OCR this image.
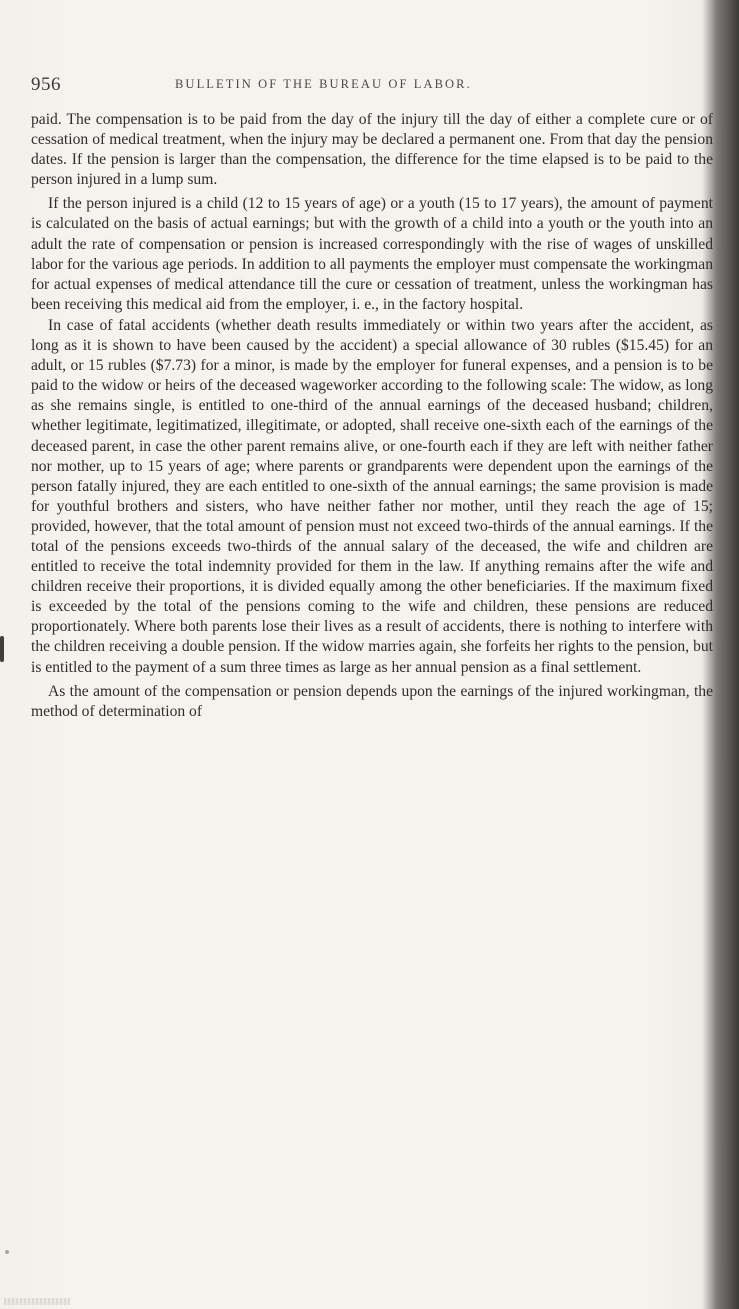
956	BULLETIN OF THE BUREAU OF LABOR.

paid. The compensation is to be paid from the day of the injury till the day of either a complete cure or of cessation of medical treatment, when the injury may be declared a permanent one. From that day the pension dates. If the pension is larger than the compensation, the difference for the time elapsed is to be paid to the person injured in a lump sum.

If the person injured is a child (12 to 15 years of age) or a youth (15 to 17 years), the amount of payment is calculated on the basis of actual earnings; but with the growth of a child into a youth or the youth into an adult the rate of compensation or pension is increased correspondingly with the rise of wages of unskilled labor for the various age periods. In addition to all payments the employer must compensate the workingman for actual expenses of medical attendance till the cure or cessation of treatment, unless the workingman has been receiving this medical aid from the employer, i. e., in the factory hospital.

In case of fatal accidents (whether death results immediately or within two years after the accident, as long as it is shown to have been caused by the accident) a special allowance of 30 rubles ($15.45) for an adult, or 15 rubles ($7.73) for a minor, is made by the employer for funeral expenses, and a pension is to be paid to the widow or heirs of the deceased wageworker according to the following scale: The widow, as long as she remains single, is entitled to one-third of the annual earnings of the deceased husband; children, whether legitimate, legitimatized, illegitimate, or adopted, shall receive one-sixth each of the earnings of the deceased parent, in case the other parent remains alive, or one-fourth each if they are left with neither father nor mother, up to 15 years of age; where parents or grandparents were dependent upon the earnings of the person fatally injured, they are each entitled to one-sixth of the annual earnings; the same provision is made for youthful brothers and sisters, who have neither father nor mother, until they reach the age of 15; provided, however, that the total amount of pension must not exceed two-thirds of the annual earnings. If the total of the pensions exceeds two-thirds of the annual salary of the deceased, the wife and children are entitled to receive the total indemnity provided for them in the law. If anything remains after the wife and children receive their proportions, it is divided equally among the other beneficiaries. If the maximum fixed is exceeded by the total of the pensions coming to the wife and children, these pensions are reduced proportionately. Where both parents lose their lives as a result of accidents, there is nothing to interfere with the children receiving a double pension. If the widow marries again, she forfeits her rights to the pension, but is entitled to the payment of a sum three times as large as her annual pension as a final settlement.

As the amount of the compensation or pension depends upon the earnings of the injured workingman, the method of determination of
